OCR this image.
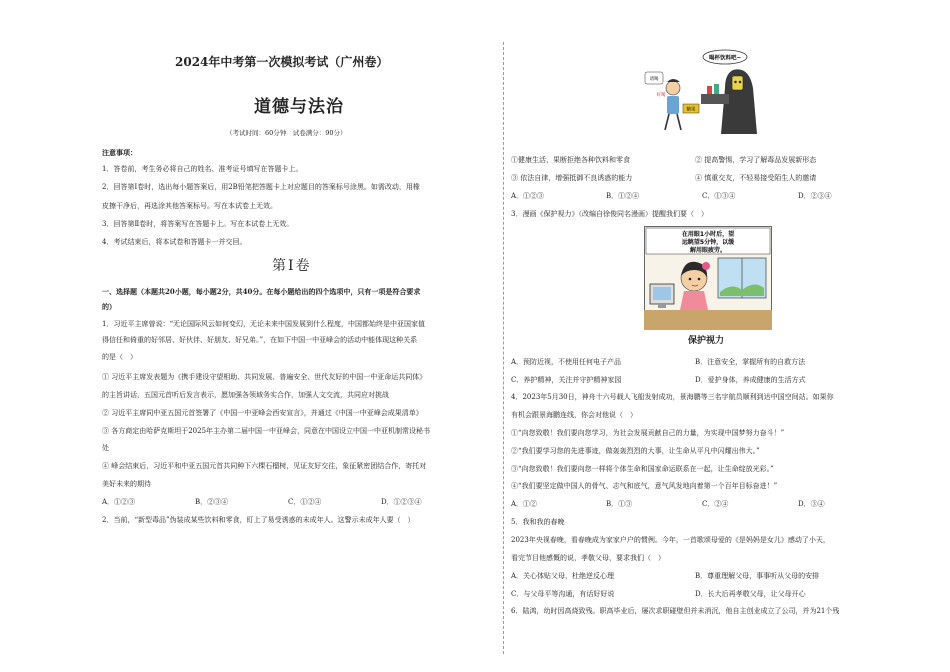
2024年中考第一次模拟考试（广州卷）
道德与法治
（考试时间：60分钟　试卷满分：90分）
注意事项：
1．答卷前，考生务必将自己的姓名、准考证号填写在答题卡上。
2．回答第Ⅰ卷时，选出每小题答案后，用2B铅笔把答题卡上对应题目的答案标号涂黑。如需改动，用橡
皮擦干净后，再选涂其他答案标号。写在本试卷上无效。
3．回答第Ⅱ卷时，将答案写在答题卡上。写在本试卷上无效。
4．考试结束后，将本试卷和答题卡一并交回。
第Ⅰ卷
一、选择题（本题共20小题，每小题2分，共40分。在每小题给出的四个选项中，只有一项是符合要求
的）
1．习近平主席曾说：“无论国际风云如何变幻，无论未来中国发展到什么程度，中国都始终是中亚国家值
得信任和倚重的好邻居、好伙伴、好朋友、好兄弟。”，在如下中国一中亚峰会的活动中能体现这种关系
的是（　）
① 习近平主席发表题为《携手建设守望相助、共同发展、普遍安全、世代友好的中国一中亚命运共同体》
的主旨讲话，五国元首听后发言表示，愿加强各领域务实合作，加强人文交流，共同应对挑战
② 习近平主席同中亚五国元首签署了《中国一中亚峰会西安宣言》，并通过《中国一中亚峰会成果清单》
③ 各方商定由哈萨克斯坦于2025年主办第二届中国一中亚峰会，同意在中国设立中国一中亚机制常设秘书
处
④ 峰会结束后，习近平和中亚五国元首共同种下六棵石榴树，见证友好交往，象征紧密团结合作，寄托对
美好未来的期待
A．①②③	B．②③④	C．①②④	D．①②③④
2．当前，“新型毒品”伪装成某些饮料和零食，盯上了易受诱惑的未成年人。这警示未成年人要（　）
喝杯饮料吧~
糖果
请喝
好喝
①健康生活，果断拒绝各种饮料和零食	② 提高警惕，学习了解毒品发展新形态
③ 依法自律，增强抵御不良诱惑的能力	④ 慎重交友，不轻易接受陌生人的邀请
A．①②③	B．①②④	C．①③④	D．②③④
3．漫画《保护视力》（改编自徐俊同名漫画）提醒我们要（　）
在用眼1小时后，望
远眺望5分钟，以缓
解用眼疲劳。
保护视力
A．预防近视，不使用任何电子产品	B．注意安全，掌握所有的自救方法
C．养护精神，关注并守护精神家园	D．爱护身体，养成健康的生活方式
4．2023年5月30日，神舟十六号载人飞船发射成功，景海鹏等三名宇航员顺利到达中国空间站。如果你
有机会跟景海鹏连线，你会对他说（　）
①“向您致敬！我们要向您学习，为社会发展贡献自己的力量，为实现中国梦努力奋斗！”
②“我们要学习您的先进事迹，做轰轰烈烈的大事，让生命从平凡中闪耀出伟大。”
③“向您致敬！我们要向您一样将个体生命和国家命运联系在一起，让生命绽放光彩。”
④“我们要坚定做中国人的骨气、志气和底气，意气风发地向着第一个百年目标奋进！”
A．①②	B．①③	C．②④	D．③④
5．我和我的春晚
2023年央视春晚，看春晚成为家家户户的惯例。今年，一首歌颂母爱的《是妈妈是女儿》感动了小天，
看完节目他感慨的说，孝敬父母，要求我们（　）
A．关心体贴父母，杜绝逆反心理	B．尊重理解父母，事事听从父母的安排
C．与父母平等沟通，有话好好说	D．长大后再孝敬父母，让父母开心
6．陆鸿，幼时因高烧致残。职高毕业后，屡次求职碰壁但并未消沉，他自主创业成立了公司，并为21个残
